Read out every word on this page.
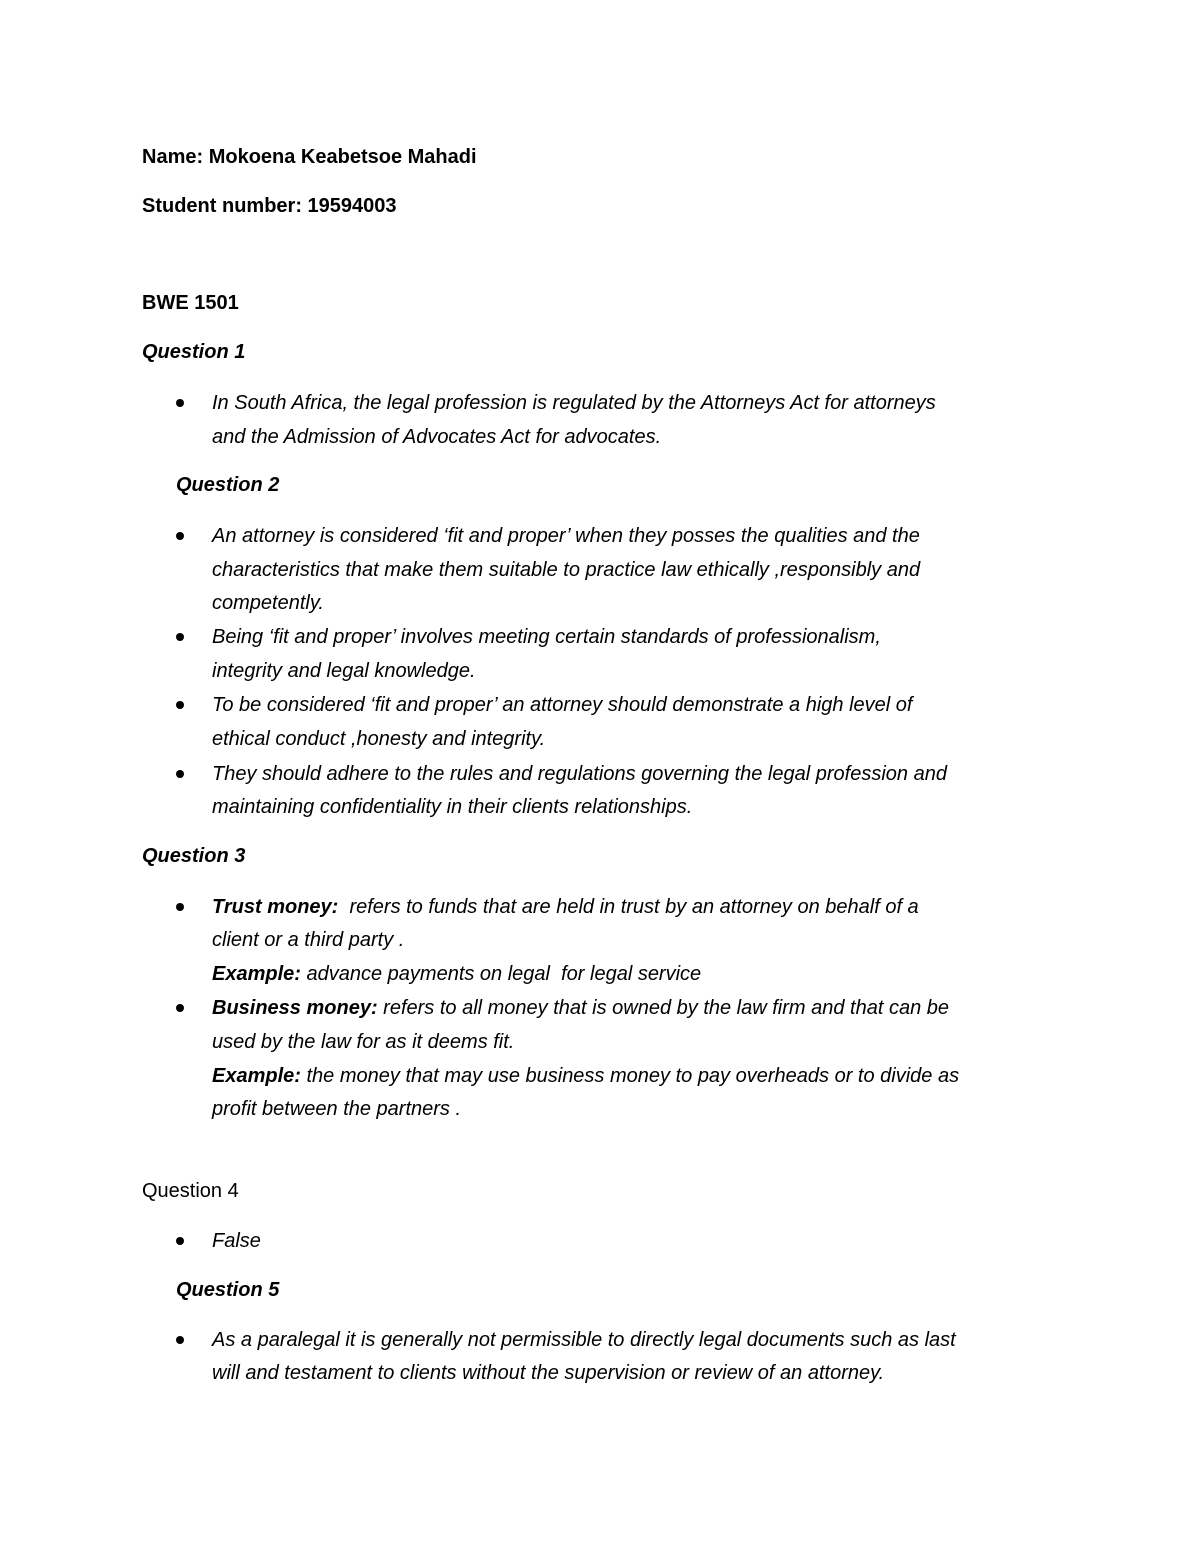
Name: Mokoena Keabetsoe Mahadi
Student number: 19594003
BWE 1501
Question 1
In South Africa, the legal profession is regulated by the Attorneys Act for attorneys
and the Admission of Advocates Act for advocates.
Question 2
An attorney is considered ‘fit and proper’ when they posses the qualities and the
characteristics that make them suitable to practice law ethically ,responsibly and
competently.
Being ‘fit and proper’ involves meeting certain standards of professionalism,
integrity and legal knowledge.
To be considered ‘fit and proper’ an attorney should demonstrate a high level of
ethical conduct ,honesty and integrity.
They should adhere to the rules and regulations governing the legal profession and
maintaining confidentiality in their clients relationships.
Question 3
Trust money:  refers to funds that are held in trust by an attorney on behalf of a
client or a third party .
Example: advance payments on legal  for legal service
Business money: refers to all money that is owned by the law firm and that can be
used by the law for as it deems fit.
Example: the money that may use business money to pay overheads or to divide as
profit between the partners .
Question 4
False
Question 5
As a paralegal it is generally not permissible to directly legal documents such as last
will and testament to clients without the supervision or review of an attorney.
